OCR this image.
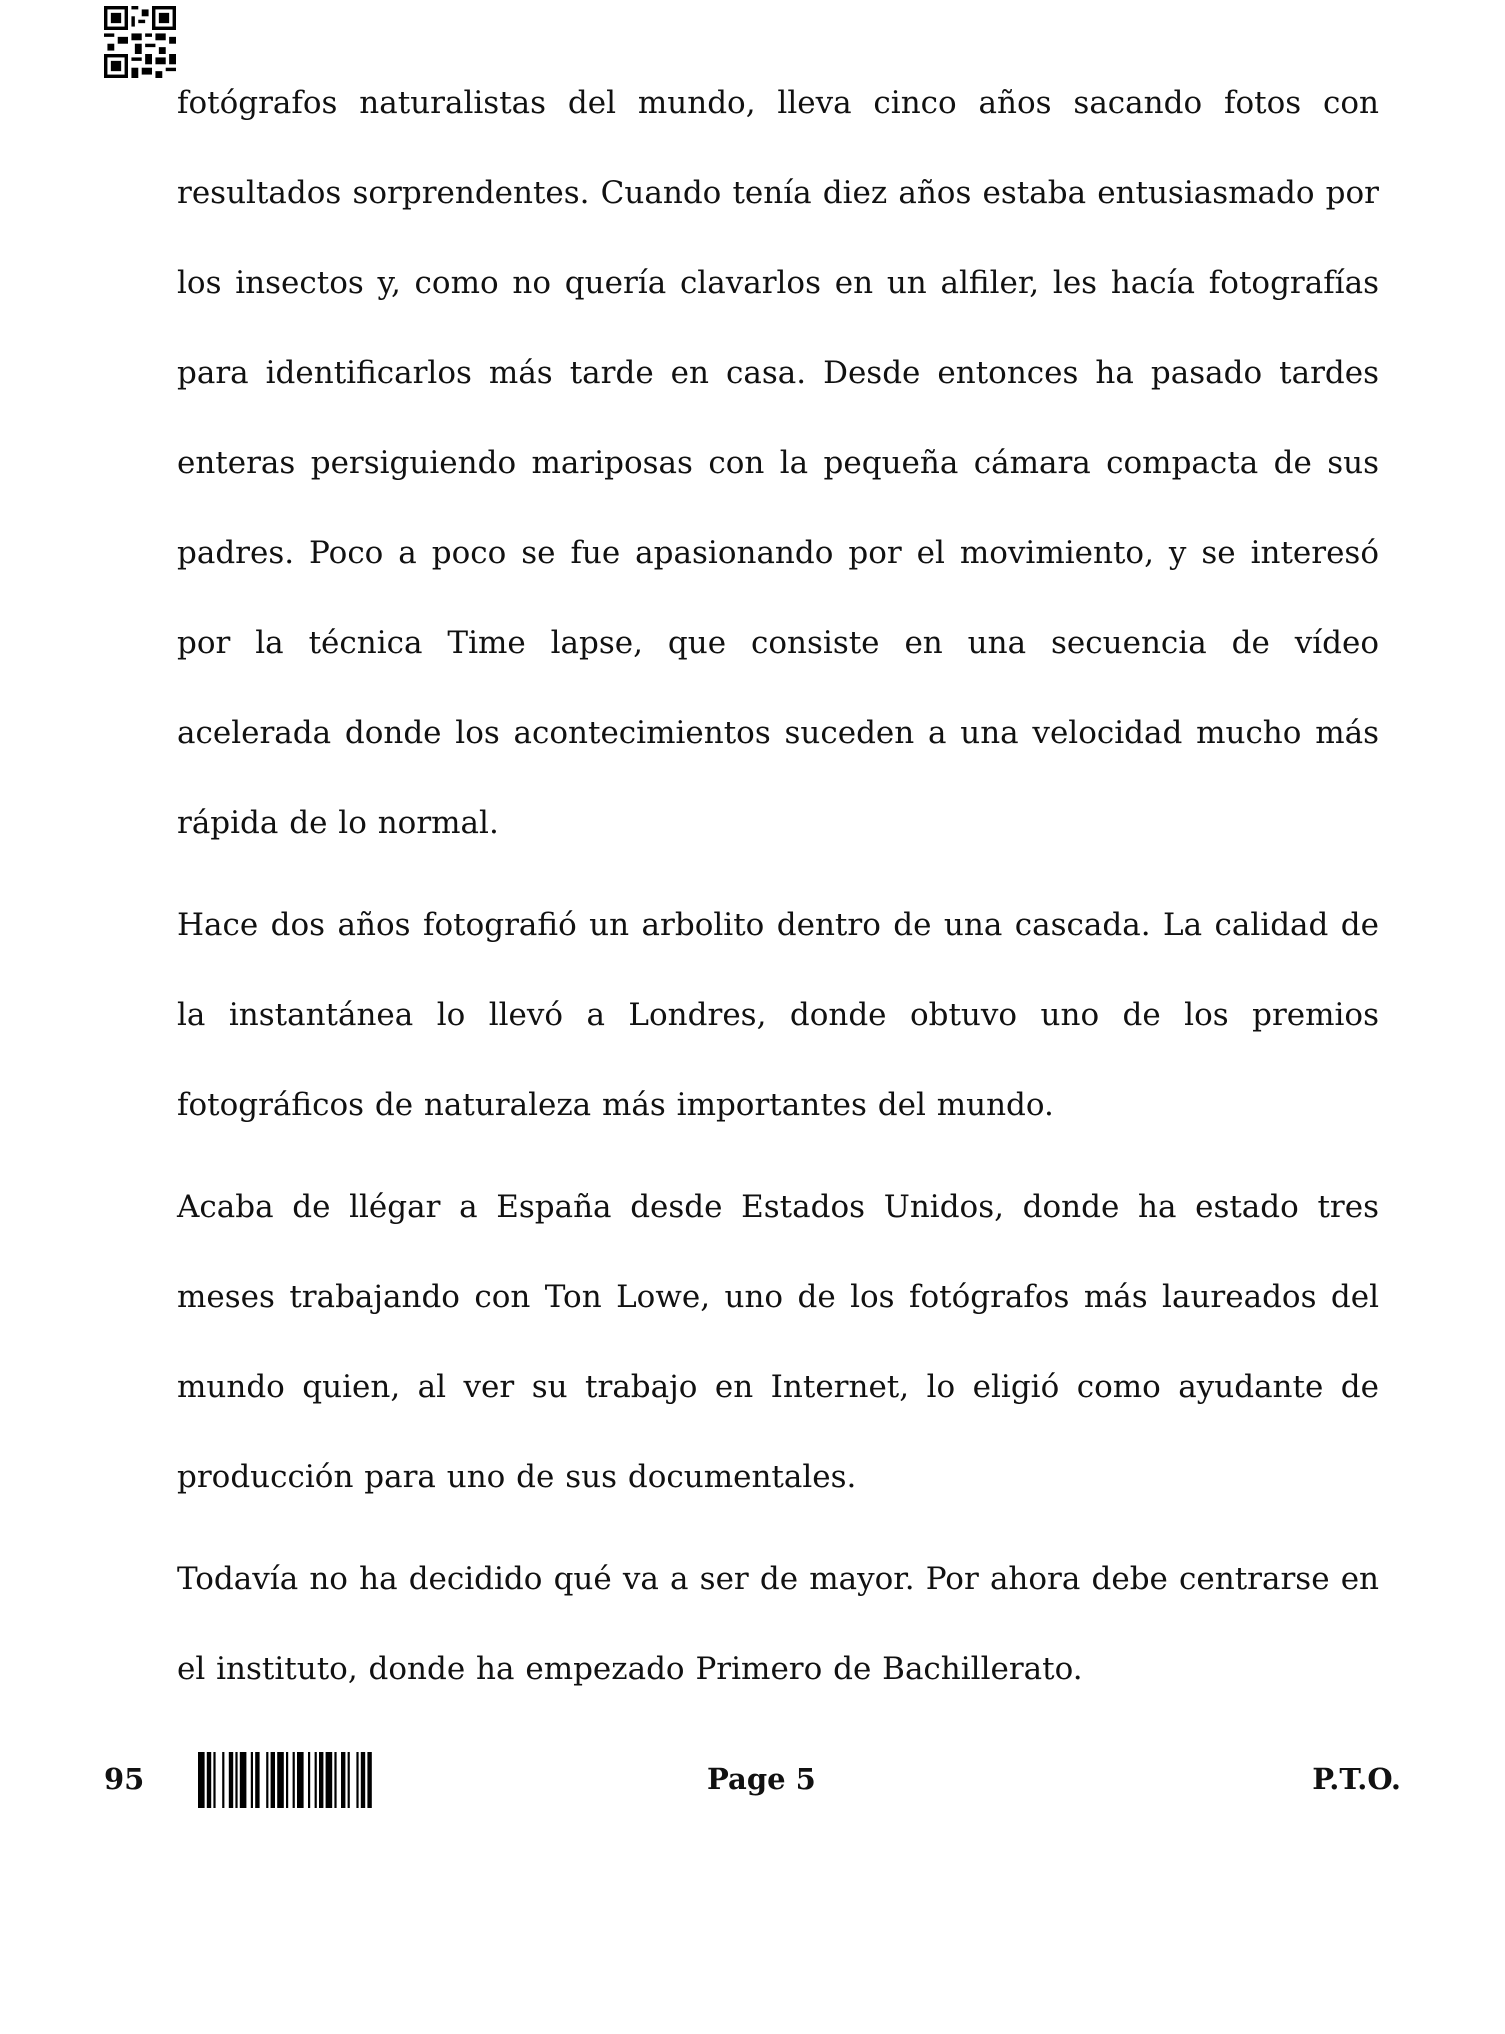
fotógrafos naturalistas del mundo, lleva cinco años sacando fotos con resultados sorprendentes. Cuando tenía diez años estaba entusiasmado por los insectos y, como no quería clavarlos en un alfiler, les hacía fotografías para identificarlos más tarde en casa. Desde entonces ha pasado tardes enteras persiguiendo mariposas con la pequeña cámara compacta de sus padres. Poco a poco se fue apasionando por el movimiento, y se interesó por la técnica Time lapse, que consiste en una secuencia de vídeo acelerada donde los acontecimientos suceden a una velocidad mucho más rápida de lo normal.

Hace dos años fotografió un arbolito dentro de una cascada. La calidad de la instantánea lo llevó a Londres, donde obtuvo uno de los premios fotográficos de naturaleza más importantes del mundo.

Acaba de llégar a España desde Estados Unidos, donde ha estado tres meses trabajando con Ton Lowe, uno de los fotógrafos más laureados del mundo quien, al ver su trabajo en Internet, lo eligió como ayudante de producción para uno de sus documentales.

Todavía no ha decidido qué va a ser de mayor. Por ahora debe centrarse en el instituto, donde ha empezado Primero de Bachillerato.

95	Page 5	P.T.O.
